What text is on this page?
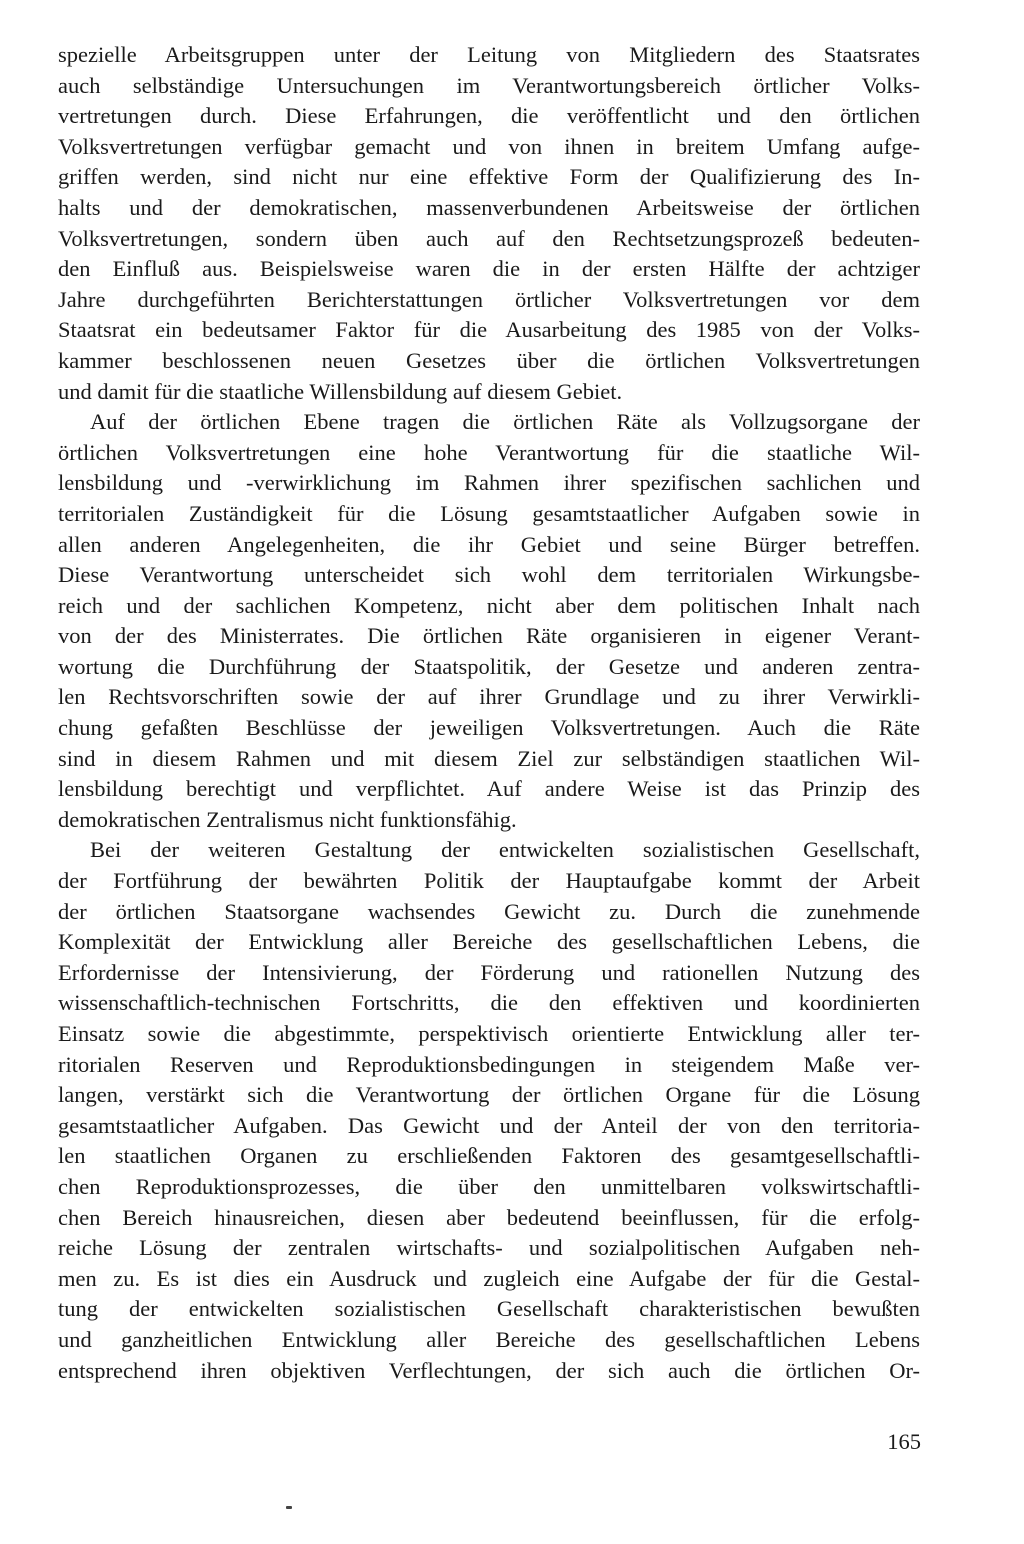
spezielle Arbeitsgruppen unter der Leitung von Mitgliedern des Staatsrates
auch selbständige Untersuchungen im Verantwortungsbereich örtlicher Volks-
vertretungen durch. Diese Erfahrungen, die veröffentlicht und den örtlichen
Volksvertretungen verfügbar gemacht und von ihnen in breitem Umfang aufge-
griffen werden, sind nicht nur eine effektive Form der Qualifizierung des In-
halts und der demokratischen, massenverbundenen Arbeitsweise der örtlichen
Volksvertretungen, sondern üben auch auf den Rechtsetzungsprozeß bedeuten-
den Einfluß aus. Beispielsweise waren die in der ersten Hälfte der achtziger
Jahre durchgeführten Berichterstattungen örtlicher Volksvertretungen vor dem
Staatsrat ein bedeutsamer Faktor für die Ausarbeitung des 1985 von der Volks-
kammer beschlossenen neuen Gesetzes über die örtlichen Volksvertretungen
und damit für die staatliche Willensbildung auf diesem Gebiet.
Auf der örtlichen Ebene tragen die örtlichen Räte als Vollzugsorgane der
örtlichen Volksvertretungen eine hohe Verantwortung für die staatliche Wil-
lensbildung und -verwirklichung im Rahmen ihrer spezifischen sachlichen und
territorialen Zuständigkeit für die Lösung gesamtstaatlicher Aufgaben sowie in
allen anderen Angelegenheiten, die ihr Gebiet und seine Bürger betreffen.
Diese Verantwortung unterscheidet sich wohl dem territorialen Wirkungsbe-
reich und der sachlichen Kompetenz, nicht aber dem politischen Inhalt nach
von der des Ministerrates. Die örtlichen Räte organisieren in eigener Verant-
wortung die Durchführung der Staatspolitik, der Gesetze und anderen zentra-
len Rechtsvorschriften sowie der auf ihrer Grundlage und zu ihrer Verwirkli-
chung gefaßten Beschlüsse der jeweiligen Volksvertretungen. Auch die Räte
sind in diesem Rahmen und mit diesem Ziel zur selbständigen staatlichen Wil-
lensbildung berechtigt und verpflichtet. Auf andere Weise ist das Prinzip des
demokratischen Zentralismus nicht funktionsfähig.
Bei der weiteren Gestaltung der entwickelten sozialistischen Gesellschaft,
der Fortführung der bewährten Politik der Hauptaufgabe kommt der Arbeit
der örtlichen Staatsorgane wachsendes Gewicht zu. Durch die zunehmende
Komplexität der Entwicklung aller Bereiche des gesellschaftlichen Lebens, die
Erfordernisse der Intensivierung, der Förderung und rationellen Nutzung des
wissenschaftlich-technischen Fortschritts, die den effektiven und koordinierten
Einsatz sowie die abgestimmte, perspektivisch orientierte Entwicklung aller ter-
ritorialen Reserven und Reproduktionsbedingungen in steigendem Maße ver-
langen, verstärkt sich die Verantwortung der örtlichen Organe für die Lösung
gesamtstaatlicher Aufgaben. Das Gewicht und der Anteil der von den territoria-
len staatlichen Organen zu erschließenden Faktoren des gesamtgesellschaftli-
chen Reproduktionsprozesses, die über den unmittelbaren volkswirtschaftli-
chen Bereich hinausreichen, diesen aber bedeutend beeinflussen, für die erfolg-
reiche Lösung der zentralen wirtschafts- und sozialpolitischen Aufgaben neh-
men zu. Es ist dies ein Ausdruck und zugleich eine Aufgabe der für die Gestal-
tung der entwickelten sozialistischen Gesellschaft charakteristischen bewußten
und ganzheitlichen Entwicklung aller Bereiche des gesellschaftlichen Lebens
entsprechend ihren objektiven Verflechtungen, der sich auch die örtlichen Or-
165
